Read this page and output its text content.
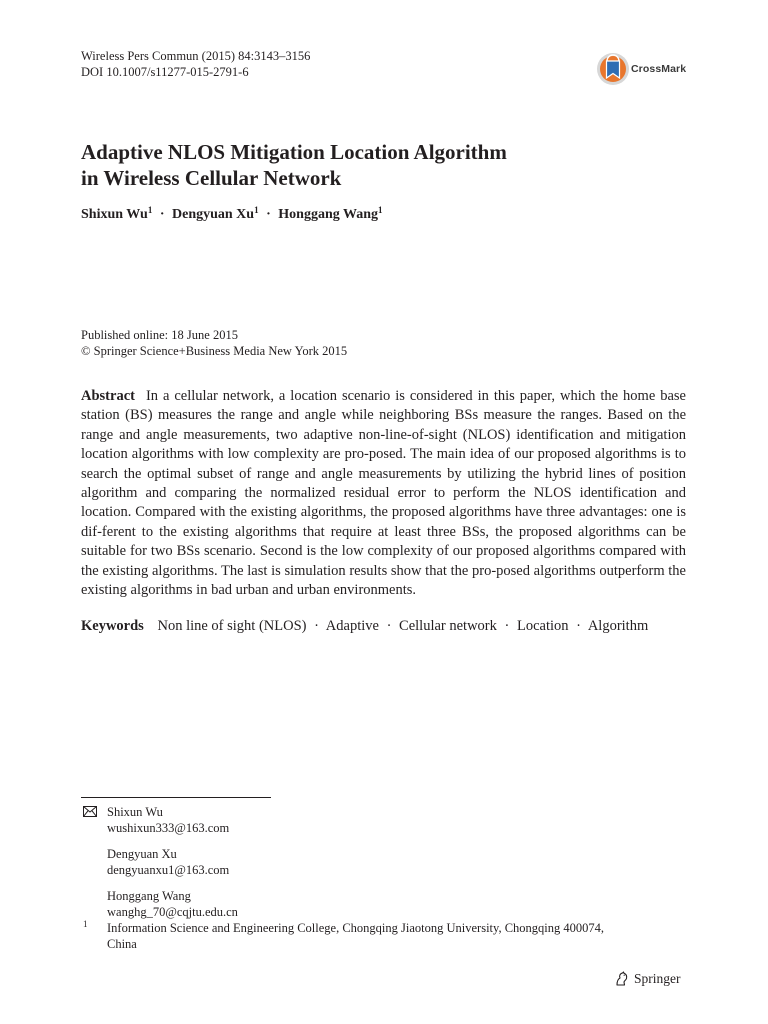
Wireless Pers Commun (2015) 84:3143–3156
DOI 10.1007/s11277-015-2791-6	CrossMark
Adaptive NLOS Mitigation Location Algorithm
in Wireless Cellular Network
Shixun $Wu^1$ · Dengyuan $Xu^1$ · Honggang Wang$^1$
Published online: 18 June 2015
© Springer Science+Business Media New York 2015
Abstract In a cellular network, a location scenario is considered in this paper, which the home base station (BS) measures the range and angle while neighboring BSs measure the ranges. Based on the range and angle measurements, two adaptive non-line-of-sight (NLOS) identification and mitigation location algorithms with low complexity are pro-posed. The main idea of our proposed algorithms is to search the optimal subset of range and angle measurements by utilizing the hybrid lines of position algorithm and comparing the normalized residual error to perform the NLOS identification and location. Compared with the existing algorithms, the proposed algorithms have three advantages: one is dif-ferent to the existing algorithms that require at least three BSs, the proposed algorithms can be suitable for two BSs scenario. Second is the low complexity of our proposed algorithms compared with the existing algorithms. The last is simulation results show that the pro-posed algorithms outperform the existing algorithms in bad urban and urban environments.
Keywords Non line of sight (NLOS) · Adaptive · Cellular network · Location · Algorithm
Shixun Wu
wushixun333@163.com
Dengyuan Xu
dengyuanxu1@163.com
Honggang Wang
wanghg_70@cqjtu.edu.cn
1 Information Science and Engineering College, Chongqing Jiaotong University, Chongqing 400074,
China
Springer
